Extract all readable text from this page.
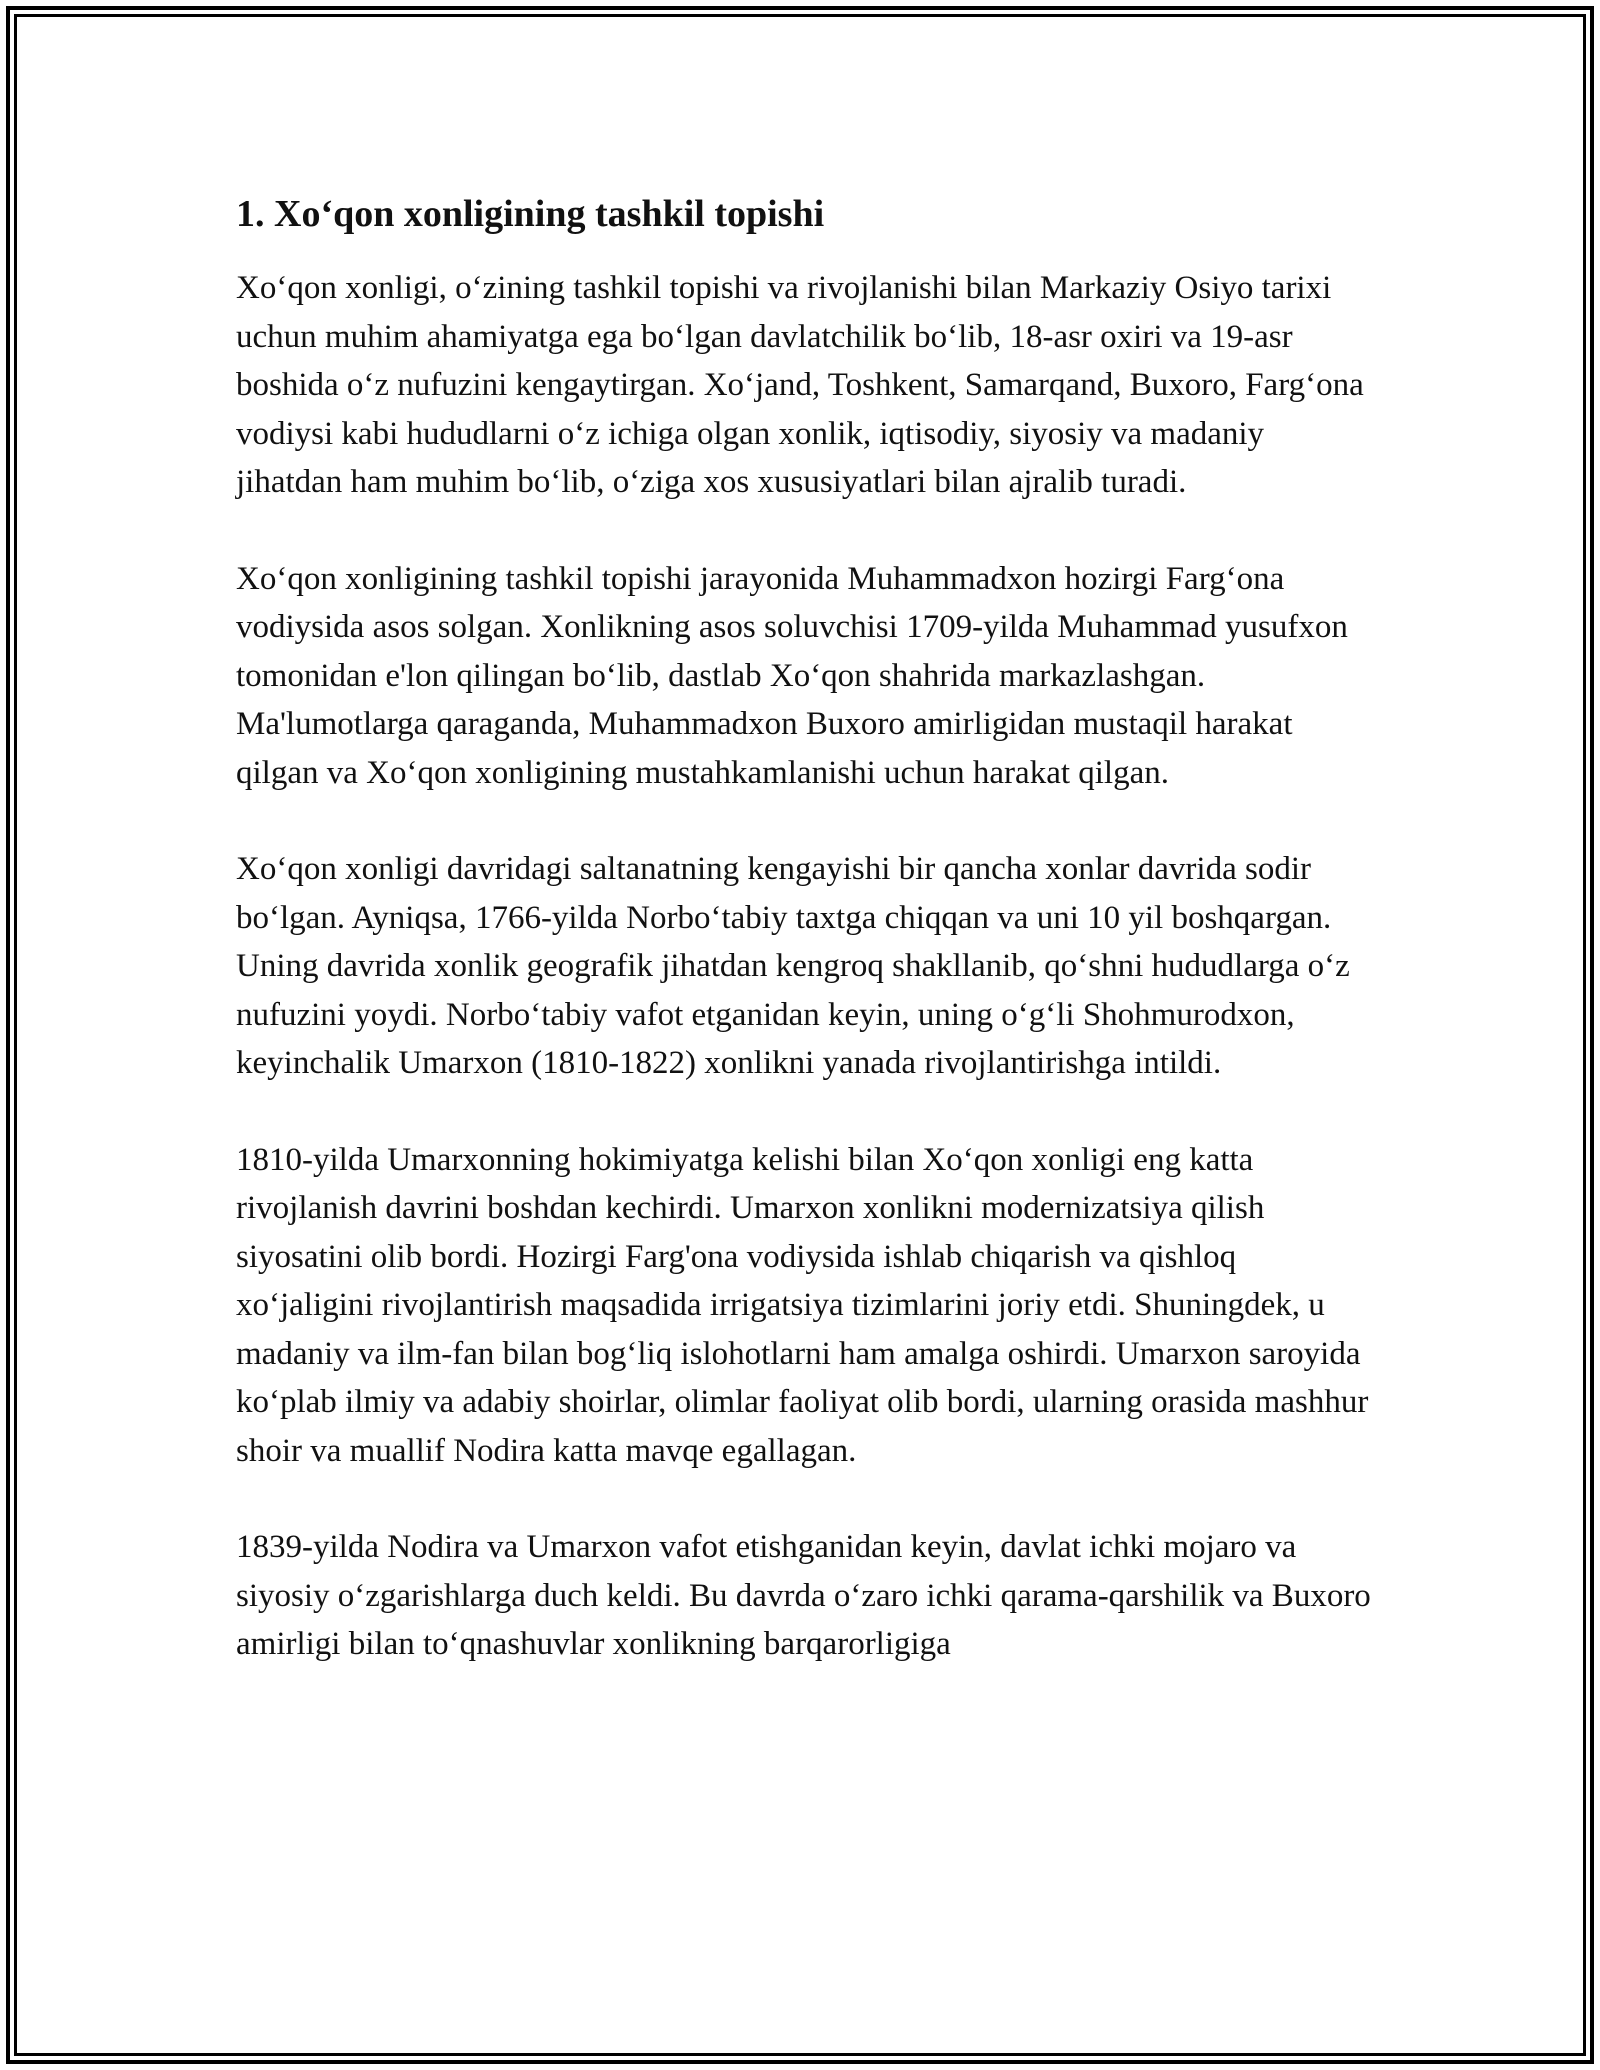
1. Xo‘qon xonligining tashkil topishi

Xo‘qon xonligi, o‘zining tashkil topishi va rivojlanishi bilan Markaziy Osiyo tarixi uchun muhim ahamiyatga ega bo‘lgan davlatchilik bo‘lib, 18-asr oxiri va 19-asr boshida o‘z nufuzini kengaytirgan. Xo‘jand, Toshkent, Samarqand, Buxoro, Farg‘ona vodiysi kabi hududlarni o‘z ichiga olgan xonlik, iqtisodiy, siyosiy va madaniy jihatdan ham muhim bo‘lib, o‘ziga xos xususiyatlari bilan ajralib turadi.

Xo‘qon xonligining tashkil topishi jarayonida Muhammadxon hozirgi Farg‘ona vodiysida asos solgan. Xonlikning asos soluvchisi 1709-yilda Muhammad yusufxon tomonidan e'lon qilingan bo‘lib, dastlab Xo‘qon shahrida markazlashgan. Ma'lumotlarga qaraganda, Muhammadxon Buxoro amirligidan mustaqil harakat qilgan va Xo‘qon xonligining mustahkamlanishi uchun harakat qilgan.

Xo‘qon xonligi davridagi saltanatning kengayishi bir qancha xonlar davrida sodir bo‘lgan. Ayniqsa, 1766-yilda Norbo‘tabiy taxtga chiqqan va uni 10 yil boshqargan. Uning davrida xonlik geografik jihatdan kengroq shakllanib, qo‘shni hududlarga o‘z nufuzini yoydi. Norbo‘tabiy vafot etganidan keyin, uning o‘g‘li Shohmurodxon, keyinchalik Umarxon (1810-1822) xonlikni yanada rivojlantirishga intildi.

1810-yilda Umarxonning hokimiyatga kelishi bilan Xo‘qon xonligi eng katta rivojlanish davrini boshdan kechirdi. Umarxon xonlikni modernizatsiya qilish siyosatini olib bordi. Hozirgi Farg'ona vodiysida ishlab chiqarish va qishloq xo‘jaligini rivojlantirish maqsadida irrigatsiya tizimlarini joriy etdi. Shuningdek, u madaniy va ilm-fan bilan bog‘liq islohotlarni ham amalga oshirdi. Umarxon saroyida ko‘plab ilmiy va adabiy shoirlar, olimlar faoliyat olib bordi, ularning orasida mashhur shoir va muallif Nodira katta mavqe egallagan.

1839-yilda Nodira va Umarxon vafot etishganidan keyin, davlat ichki mojaro va siyosiy o‘zgarishlarga duch keldi. Bu davrda o‘zaro ichki qarama-qarshilik va Buxoro amirligi bilan to‘qnashuvlar xonlikning barqarorligiga
